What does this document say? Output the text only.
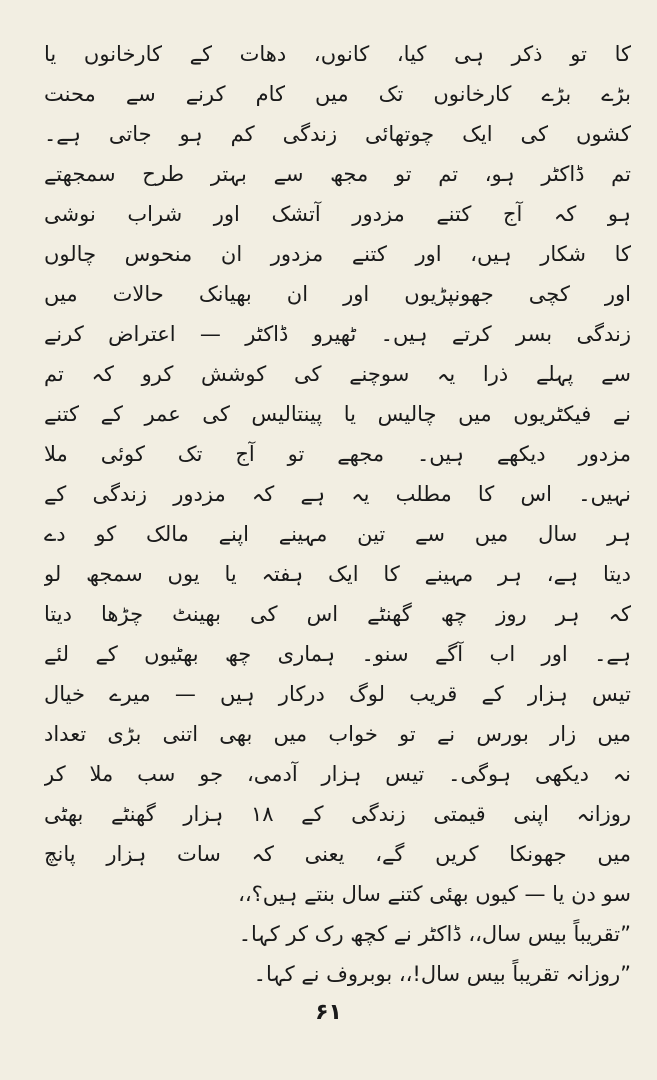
کا تو ذکر ہی کیا، کانوں، دھات کے کارخانوں یا
بڑے بڑے کارخانوں تک میں کام کرنے سے محنت
کشوں کی ایک چوتھائی زندگی کم ہو جاتی ہے۔
تم ڈاکٹر ہو، تم تو مجھ سے بہتر طرح سمجھتے
ہو کہ آج کتنے مزدور آتشک اور شراب نوشی
کا شکار ہیں، اور کتنے مزدور ان منحوس چالوں
اور کچی جھونپڑیوں اور ان بھیانک حالات میں
زندگی بسر کرتے ہیں۔ ٹھیرو ڈاکٹر — اعتراض کرنے
سے پہلے ذرا یہ سوچنے کی کوشش کرو کہ تم
نے فیکٹریوں میں چالیس یا پینتالیس کی عمر کے کتنے
مزدور دیکھے ہیں۔ مجھے تو آج تک کوئی ملا
نہیں۔ اس کا مطلب یہ ہے کہ مزدور زندگی کے
ہر سال میں سے تین مہینے اپنے مالک کو دے
دیتا ہے، ہر مہینے کا ایک ہفتہ یا یوں سمجھ لو
کہ ہر روز چھ گھنٹے اس کی بھینٹ چڑھا دیتا
ہے۔ اور اب آگے سنو۔ ہماری چھ بھٹیوں کے لئے
تیس ہزار کے قریب لوگ درکار ہیں — میرے خیال
میں زار بورس نے تو خواب میں بھی اتنی بڑی تعداد
نہ دیکھی ہوگی۔ تیس ہزار آدمی، جو سب ملا کر
روزانہ اپنی قیمتی زندگی کے ۱۸ ہزار گھنٹے بھٹی
میں جھونکا کریں گے، یعنی کہ سات ہزار پانچ
سو دن یا — کیوں بھئی کتنے سال بنتے ہیں؟،،
”تقریباً بیس سال،، ڈاکٹر نے کچھ رک کر کہا۔
”روزانہ تقریباً بیس سال!،، بوبروف نے کہا۔
۶۱
